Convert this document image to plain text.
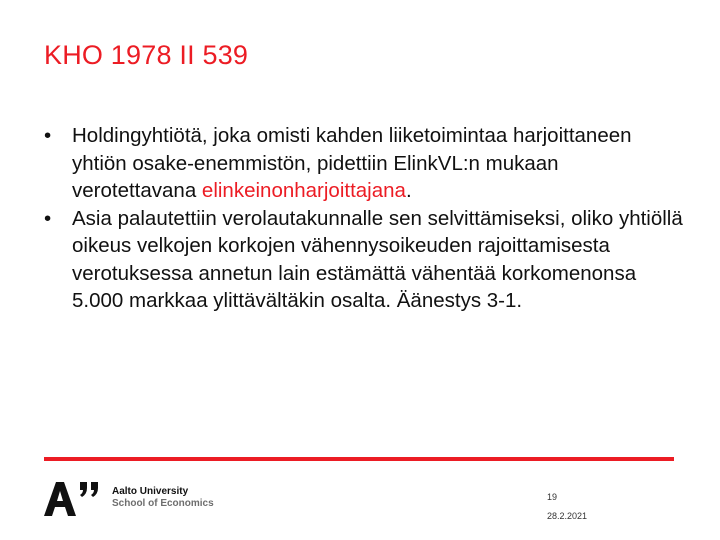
KHO 1978 II 539
• Holdingyhtiötä, joka omisti kahden liiketoimintaa harjoittaneen yhtiön osake-enemmistön, pidettiin Elink​VL:n mukaan verotettavana elinkeinonharjoittajana.
• Asia palautettiin verolautakunnalle sen selvittämiseksi, oliko yhtiöllä oikeus velkojen korkojen vähennysoikeuden rajoittamisesta verotuksessa annetun lain estämättä vähentää korkomenonsa 5.000 markkaa ylittäväl​täkin osalta. Äänestys 3-1.
Aalto University
School of Economics
19
28.2.2021
